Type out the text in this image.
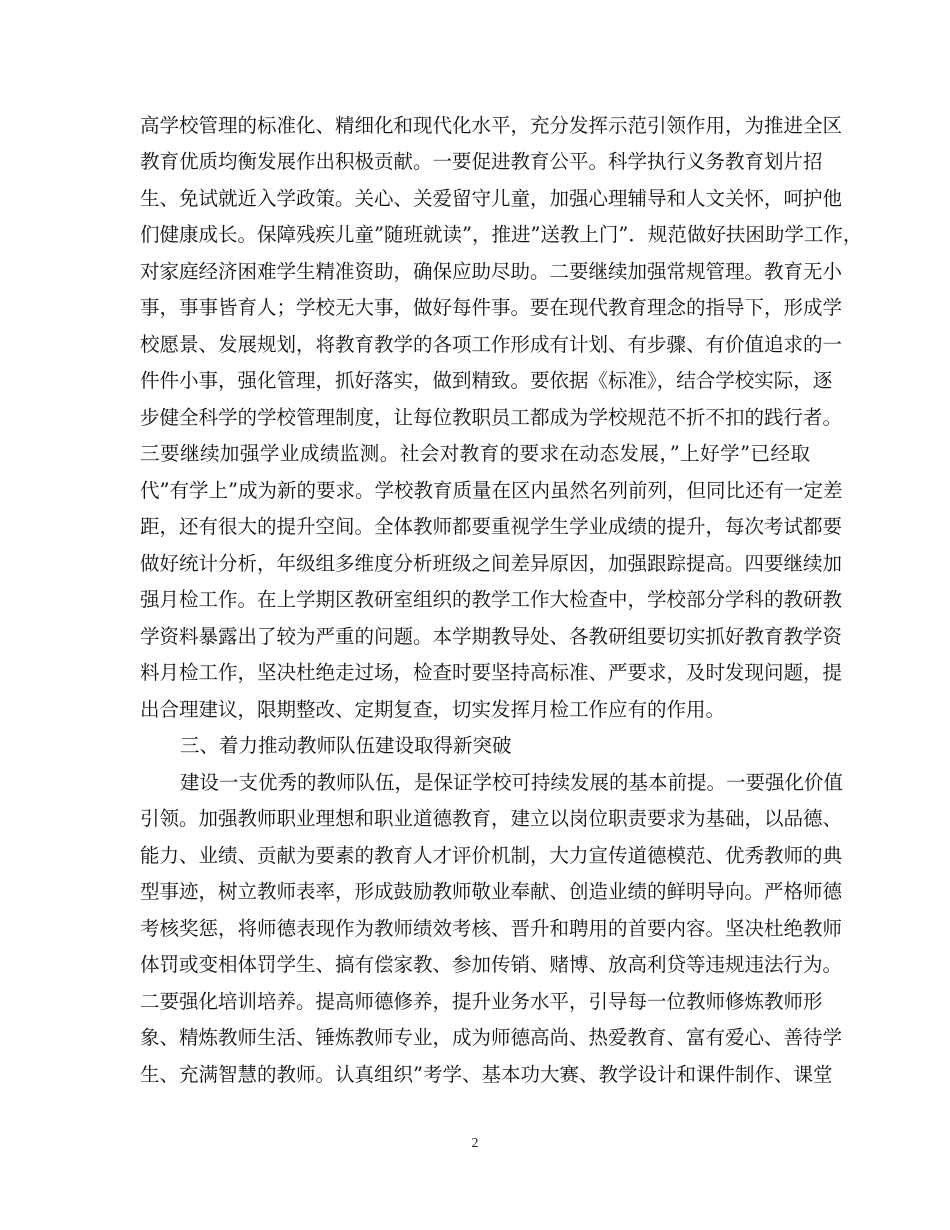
高学校管理的标准化、精细化和现代化水平，充分发挥示范引领作用，为推进全区
教育优质均衡发展作出积极贡献。一要促进教育公平。科学执行义务教育划片招
生、免试就近入学政策。关心、关爱留守儿童，加强心理辅导和人文关怀，呵护他
们健康成长。保障残疾儿童”随班就读”，推进”送教上门”．规范做好扶困助学工作，
对家庭经济困难学生精准资助，确保应助尽助。二要继续加强常规管理。教育无小
事，事事皆育人；学校无大事，做好每件事。要在现代教育理念的指导下，形成学
校愿景、发展规划，将教育教学的各项工作形成有计划、有步骤、有价值追求的一
件件小事，强化管理，抓好落实，做到精致。要依据《标准》，结合学校实际，逐
步健全科学的学校管理制度，让每位教职员工都成为学校规范不折不扣的践行者。
三要继续加强学业成绩监测。社会对教育的要求在动态发展，”上好学”已经取
代”有学上”成为新的要求。学校教育质量在区内虽然名列前列，但同比还有一定差
距，还有很大的提升空间。全体教师都要重视学生学业成绩的提升，每次考试都要
做好统计分析，年级组多维度分析班级之间差异原因，加强跟踪提高。四要继续加
强月检工作。在上学期区教研室组织的教学工作大检查中，学校部分学科的教研教
学资料暴露出了较为严重的问题。本学期教导处、各教研组要切实抓好教育教学资
料月检工作，坚决杜绝走过场，检查时要坚持高标准、严要求，及时发现问题，提
出合理建议，限期整改、定期复查，切实发挥月检工作应有的作用。
三、着力推动教师队伍建设取得新突破
建设一支优秀的教师队伍，是保证学校可持续发展的基本前提。一要强化价值
引领。加强教师职业理想和职业道德教育，建立以岗位职责要求为基础，以品德、
能力、业绩、贡献为要素的教育人才评价机制，大力宣传道德模范、优秀教师的典
型事迹，树立教师表率，形成鼓励教师敬业奉献、创造业绩的鲜明导向。严格师德
考核奖惩，将师德表现作为教师绩效考核、晋升和聘用的首要内容。坚决杜绝教师
体罚或变相体罚学生、搞有偿家教、参加传销、赌博、放高利贷等违规违法行为。
二要强化培训培养。提高师德修养，提升业务水平，引导每一位教师修炼教师形
象、精炼教师生活、锤炼教师专业，成为师德高尚、热爱教育、富有爱心、善待学
生、充满智慧的教师。认真组织”考学、基本功大赛、教学设计和课件制作、课堂
2
